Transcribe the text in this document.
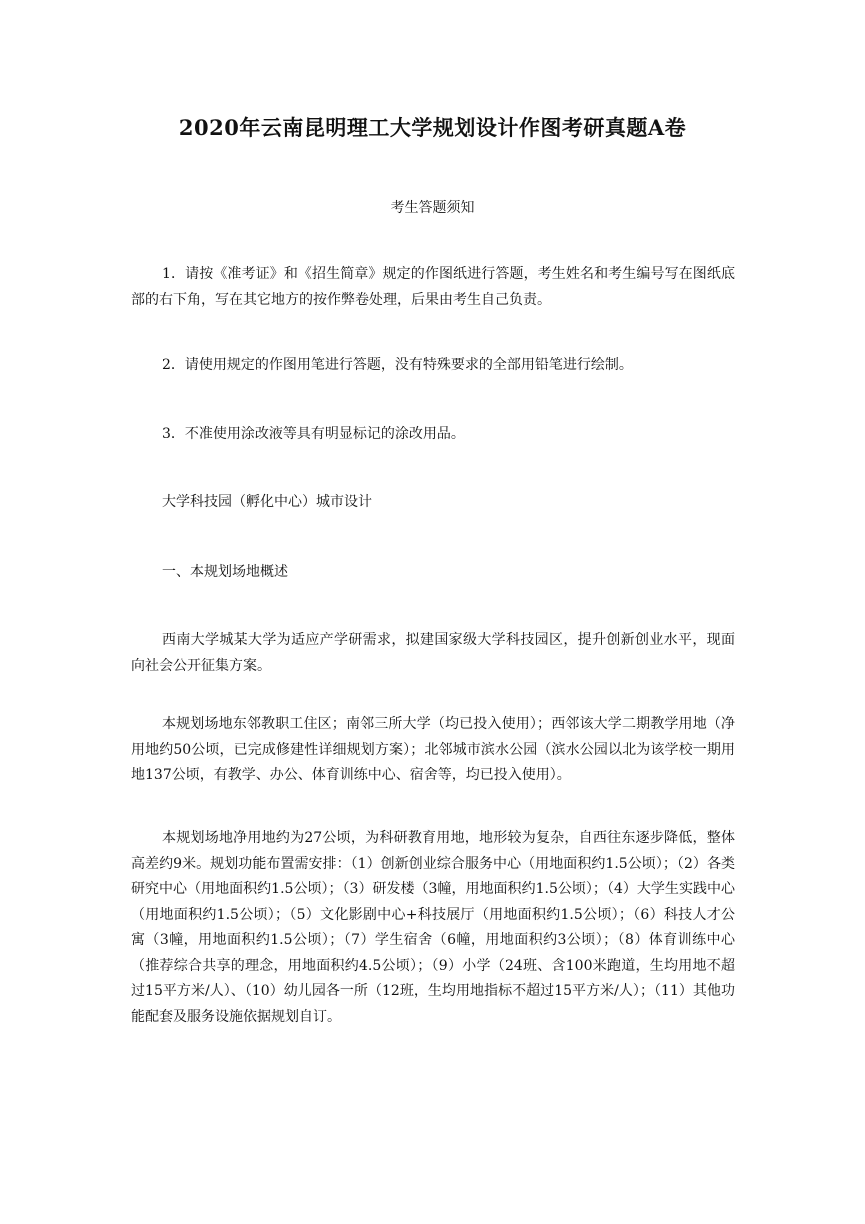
2020年云南昆明理工大学规划设计作图考研真题A卷

考生答题须知

1．请按《准考证》和《招生简章》规定的作图纸进行答题，考生姓名和考生编号写在图纸底部的右下角，写在其它地方的按作弊卷处理，后果由考生自己负责。

2．请使用规定的作图用笔进行答题，没有特殊要求的全部用铅笔进行绘制。

3．不准使用涂改液等具有明显标记的涂改用品。

大学科技园（孵化中心）城市设计

一、本规划场地概述

西南大学城某大学为适应产学研需求，拟建国家级大学科技园区，提升创新创业水平，现面向社会公开征集方案。

本规划场地东邻教职工住区；南邻三所大学（均已投入使用）；西邻该大学二期教学用地（净用地约50公顷，已完成修建性详细规划方案）；北邻城市滨水公园（滨水公园以北为该学校一期用地137公顷，有教学、办公、体育训练中心、宿舍等，均已投入使用）。

本规划场地净用地约为27公顷，为科研教育用地，地形较为复杂，自西往东逐步降低，整体高差约9米。规划功能布置需安排：（1）创新创业综合服务中心（用地面积约1.5公顷）；（2）各类研究中心（用地面积约1.5公顷）；（3）研发楼（3幢，用地面积约1.5公顷）；（4）大学生实践中心（用地面积约1.5公顷）；（5）文化影剧中心+科技展厅（用地面积约1.5公顷）；（6）科技人才公寓（3幢，用地面积约1.5公顷）；（7）学生宿舍（6幢，用地面积约3公顷）；（8）体育训练中心（推荐综合共享的理念，用地面积约4.5公顷）；（9）小学（24班、含100米跑道，生均用地不超过15平方米/人）、（10）幼儿园各一所（12班，生均用地指标不超过15平方米/人）；（11）其他功能配套及服务设施依据规划自订。
